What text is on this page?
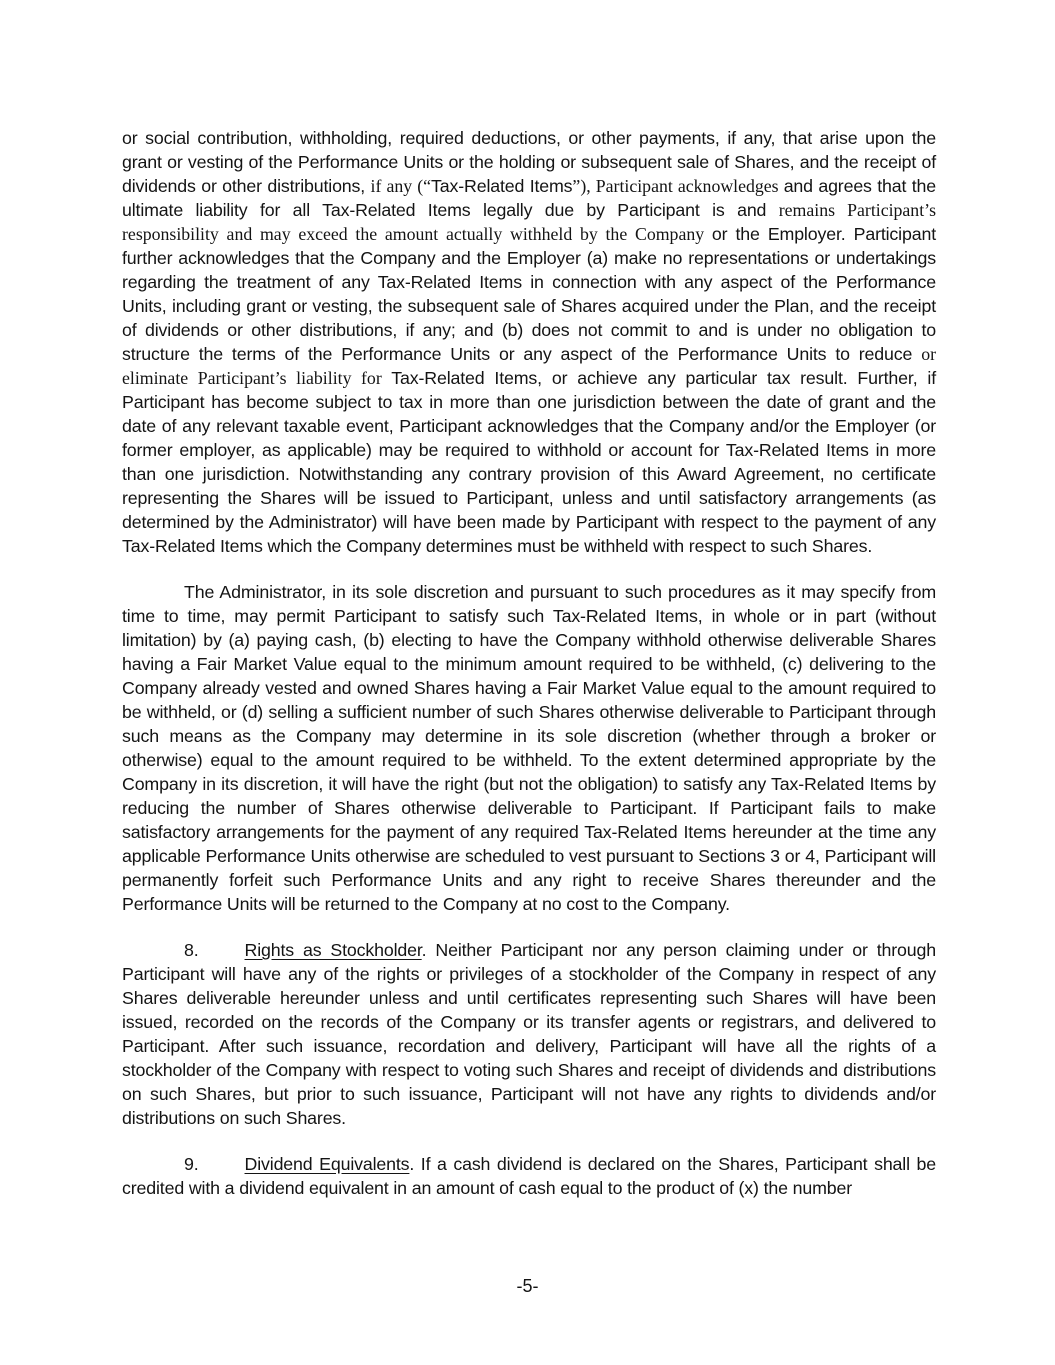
or social contribution, withholding, required deductions, or other payments, if any, that arise upon the grant or vesting of the Performance Units or the holding or subsequent sale of Shares, and the receipt of dividends or other distributions, if any (“Tax-Related Items”), Participant acknowledges and agrees that the ultimate liability for all Tax-Related Items legally due by Participant is and remains Participant’s responsibility and may exceed the amount actually withheld by the Company or the Employer. Participant further acknowledges that the Company and the Employer (a) make no representations or undertakings regarding the treatment of any Tax-Related Items in connection with any aspect of the Performance Units, including grant or vesting, the subsequent sale of Shares acquired under the Plan, and the receipt of dividends or other distributions, if any; and (b) does not commit to and is under no obligation to structure the terms of the Performance Units or any aspect of the Performance Units to reduce or eliminate Participant’s liability for Tax-Related Items, or achieve any particular tax result. Further, if Participant has become subject to tax in more than one jurisdiction between the date of grant and the date of any relevant taxable event, Participant acknowledges that the Company and/or the Employer (or former employer, as applicable) may be required to withhold or account for Tax-Related Items in more than one jurisdiction. Notwithstanding any contrary provision of this Award Agreement, no certificate representing the Shares will be issued to Participant, unless and until satisfactory arrangements (as determined by the Administrator) will have been made by Participant with respect to the payment of any Tax-Related Items which the Company determines must be withheld with respect to such Shares.

The Administrator, in its sole discretion and pursuant to such procedures as it may specify from time to time, may permit Participant to satisfy such Tax-Related Items, in whole or in part (without limitation) by (a) paying cash, (b) electing to have the Company withhold otherwise deliverable Shares having a Fair Market Value equal to the minimum amount required to be withheld, (c) delivering to the Company already vested and owned Shares having a Fair Market Value equal to the amount required to be withheld, or (d) selling a sufficient number of such Shares otherwise deliverable to Participant through such means as the Company may determine in its sole discretion (whether through a broker or otherwise) equal to the amount required to be withheld. To the extent determined appropriate by the Company in its discretion, it will have the right (but not the obligation) to satisfy any Tax-Related Items by reducing the number of Shares otherwise deliverable to Participant. If Participant fails to make satisfactory arrangements for the payment of any required Tax-Related Items hereunder at the time any applicable Performance Units otherwise are scheduled to vest pursuant to Sections 3 or 4, Participant will permanently forfeit such Performance Units and any right to receive Shares thereunder and the Performance Units will be returned to the Company at no cost to the Company.

8.	Rights as Stockholder. Neither Participant nor any person claiming under or through Participant will have any of the rights or privileges of a stockholder of the Company in respect of any Shares deliverable hereunder unless and until certificates representing such Shares will have been issued, recorded on the records of the Company or its transfer agents or registrars, and delivered to Participant. After such issuance, recordation and delivery, Participant will have all the rights of a stockholder of the Company with respect to voting such Shares and receipt of dividends and distributions on such Shares, but prior to such issuance, Participant will not have any rights to dividends and/or distributions on such Shares.

9.	Dividend Equivalents. If a cash dividend is declared on the Shares, Participant shall be credited with a dividend equivalent in an amount of cash equal to the product of (x) the number

-5-
